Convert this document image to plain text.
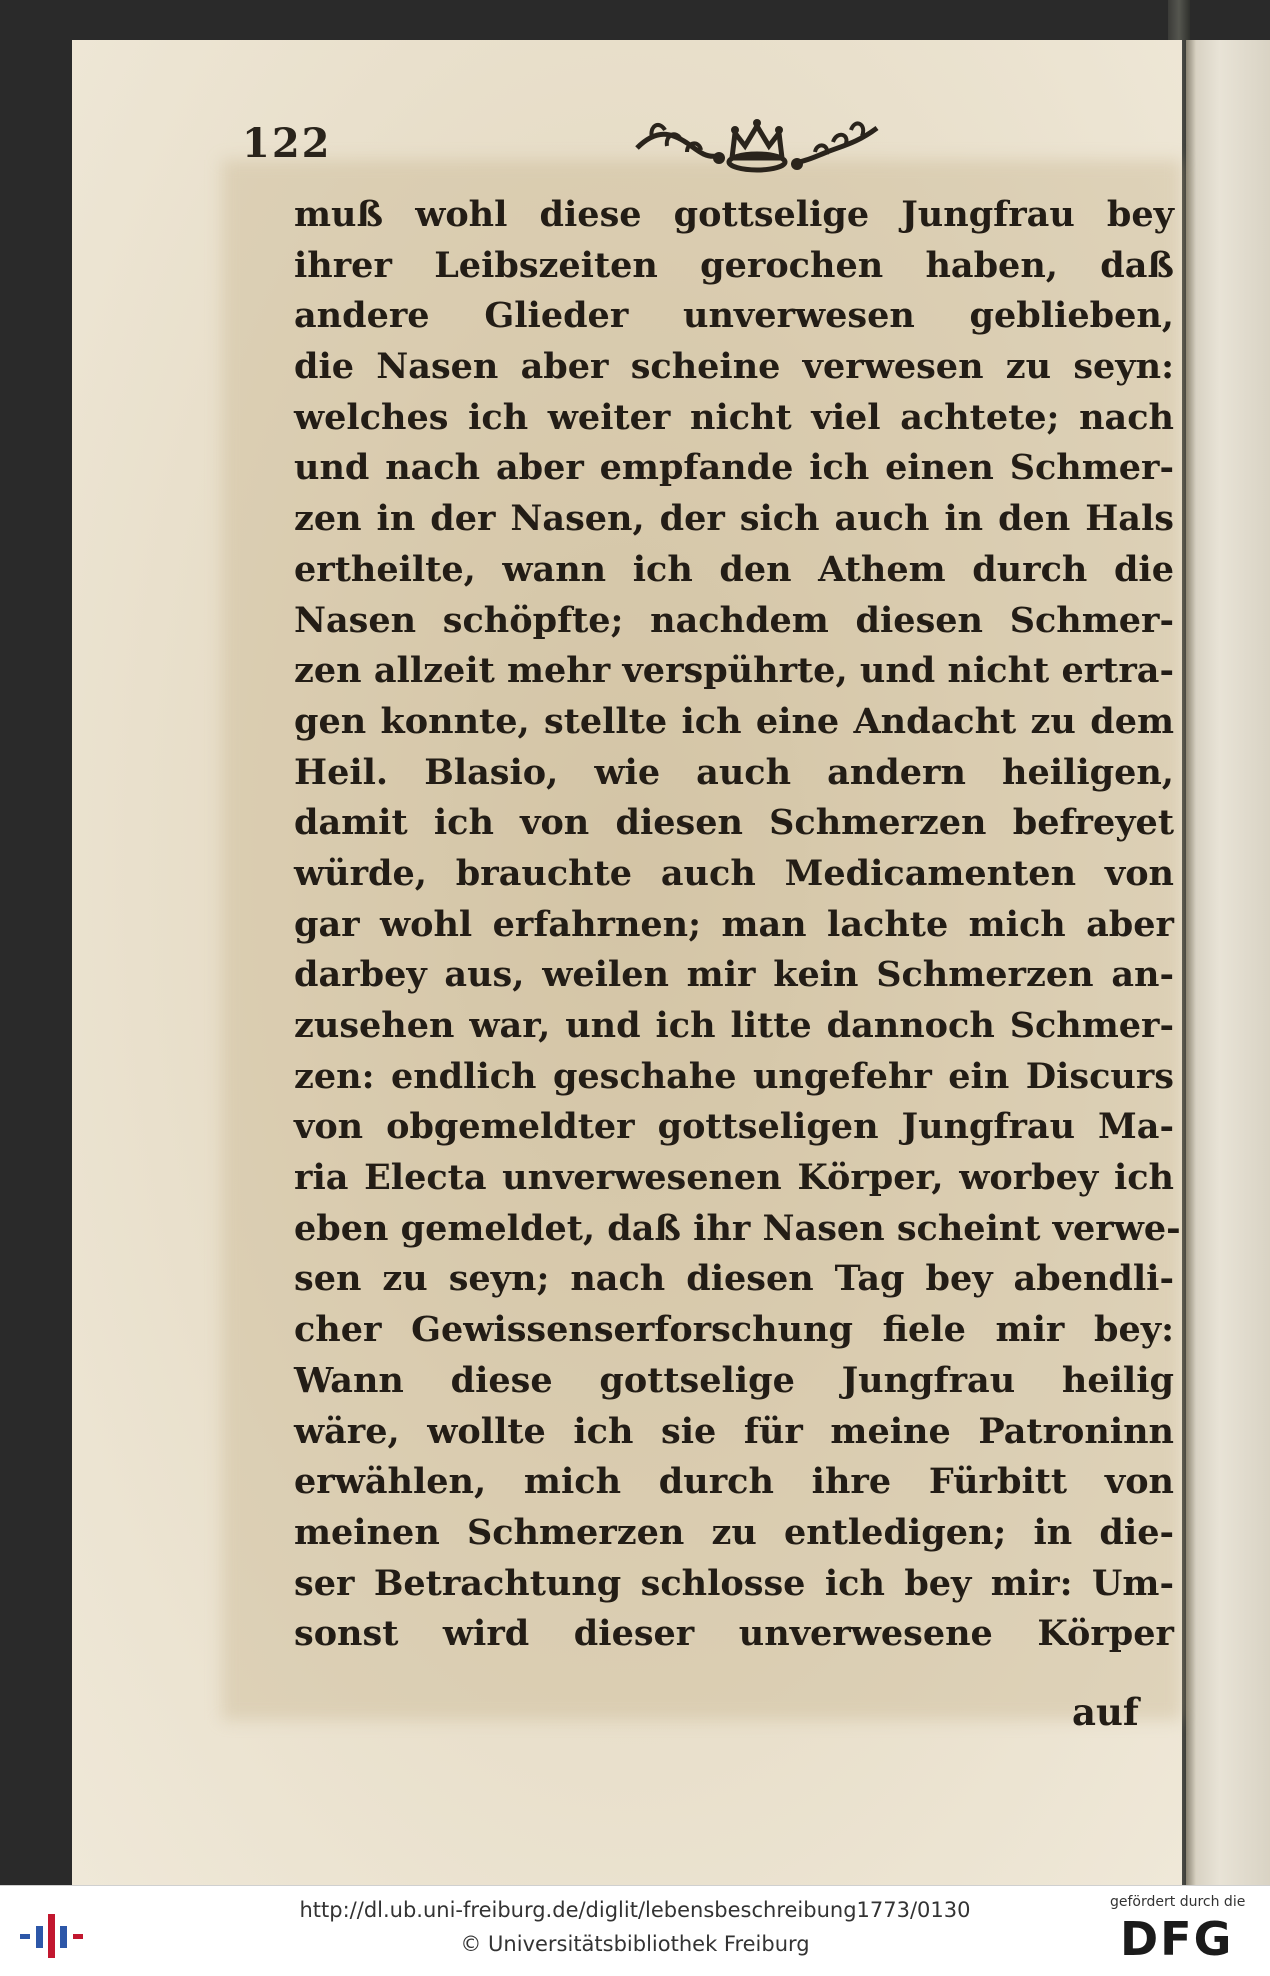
122
muß wohl diese gottselige Jungfrau bey
ihrer Leibszeiten gerochen haben, daß
andere Glieder unverwesen geblieben,
die Nasen aber scheine verwesen zu seyn:
welches ich weiter nicht viel achtete; nach
und nach aber empfande ich einen Schmer-
zen in der Nasen, der sich auch in den Hals
ertheilte, wann ich den Athem durch die
Nasen schöpfte; nachdem diesen Schmer-
zen allzeit mehr verspührte, und nicht ertra-
gen konnte, stellte ich eine Andacht zu dem
Heil. Blasio, wie auch andern heiligen,
damit ich von diesen Schmerzen befreyet
würde, brauchte auch Medicamenten von
gar wohl erfahrnen; man lachte mich aber
darbey aus, weilen mir kein Schmerzen an-
zusehen war, und ich litte dannoch Schmer-
zen: endlich geschahe ungefehr ein Discurs
von obgemeldter gottseligen Jungfrau Ma-
ria Electa unverwesenen Körper, worbey ich
eben gemeldet, daß ihr Nasen scheint verwe-
sen zu seyn; nach diesen Tag bey abendli-
cher Gewissenserforschung fiele mir bey:
Wann diese gottselige Jungfrau heilig
wäre, wollte ich sie für meine Patroninn
erwählen, mich durch ihre Fürbitt von
meinen Schmerzen zu entledigen; in die-
ser Betrachtung schlosse ich bey mir: Um-
sonst wird dieser unverwesene Körper
auf
http://dl.ub.uni-freiburg.de/diglit/lebensbeschreibung1773/0130
© Universitätsbibliothek Freiburg
gefördert durch die
DFG
